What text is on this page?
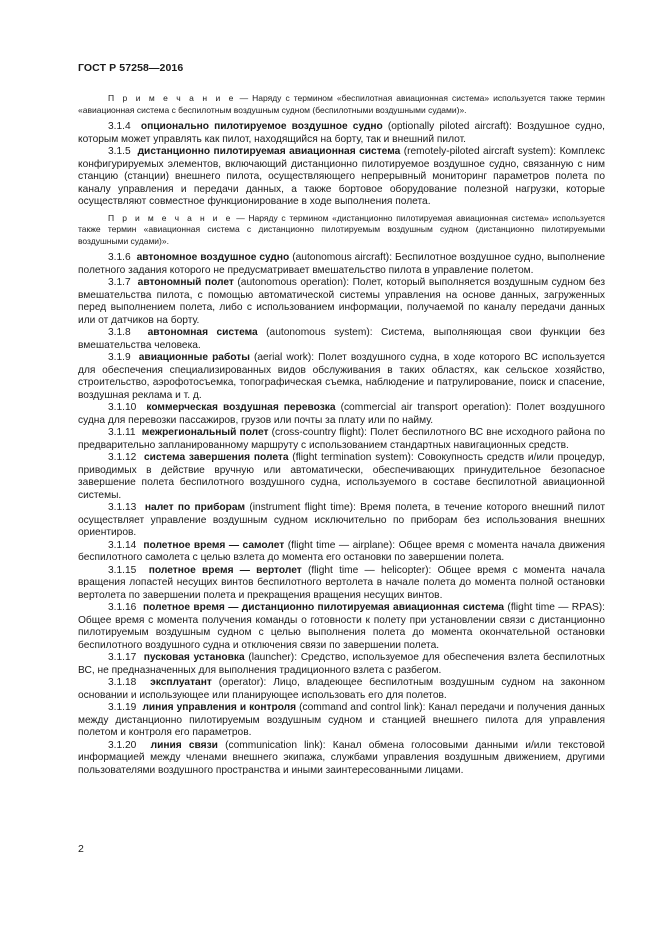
ГОСТ Р 57258—2016

П р и м е ч а н и е — Наряду с термином «беспилотная авиационная система» используется также термин «авиационная система с беспилотным воздушным судном (беспилотными воздушными судами)».

3.1.4 опционально пилотируемое воздушное судно (optionally piloted aircraft): Воздушное судно, которым может управлять как пилот, находящийся на борту, так и внешний пилот.

3.1.5 дистанционно пилотируемая авиационная система (remotely-piloted aircraft system): Комплекс конфигурируемых элементов, включающий дистанционно пилотируемое воздушное судно, связанную с ним станцию (станции) внешнего пилота, осуществляющего непрерывный мониторинг параметров полета по каналу управления и передачи данных, а также бортовое оборудование полезной нагрузки, которые осуществляют совместное функционирование в ходе выполнения полета.

П р и м е ч а н и е — Наряду с термином «дистанционно пилотируемая авиационная система» используется также термин «авиационная система с дистанционно пилотируемым воздушным судном (дистанционно пилотируемыми воздушными судами)».

3.1.6 автономное воздушное судно (autonomous aircraft): Беспилотное воздушное судно, выполнение полетного задания которого не предусматривает вмешательство пилота в управление полетом.

3.1.7 автономный полет (autonomous operation): Полет, который выполняется воздушным судном без вмешательства пилота, с помощью автоматической системы управления на основе данных, загруженных перед выполнением полета, либо с использованием информации, получаемой по каналу передачи данных или от датчиков на борту.

3.1.8 автономная система (autonomous system): Система, выполняющая свои функции без вмешательства человека.

3.1.9 авиационные работы (aerial work): Полет воздушного судна, в ходе которого ВС используется для обеспечения специализированных видов обслуживания в таких областях, как сельское хозяйство, строительство, аэрофотосъемка, топографическая съемка, наблюдение и патрулирование, поиск и спасение, воздушная реклама и т. д.

3.1.10 коммерческая воздушная перевозка (commercial air transport operation): Полет воздушного судна для перевозки пассажиров, грузов или почты за плату или по найму.

3.1.11 межрегиональный полет (cross-country flight): Полет беспилотного ВС вне исходного района по предварительно запланированному маршруту с использованием стандартных навигационных средств.

3.1.12 система завершения полета (flight termination system): Совокупность средств и/или процедур, приводимых в действие вручную или автоматически, обеспечивающих принудительное безопасное завершение полета беспилотного воздушного судна, используемого в составе беспилотной авиационной системы.

3.1.13 налет по приборам (instrument flight time): Время полета, в течение которого внешний пилот осуществляет управление воздушным судном исключительно по приборам без использования внешних ориентиров.

3.1.14 полетное время — самолет (flight time — airplane): Общее время с момента начала движения беспилотного самолета с целью взлета до момента его остановки по завершении полета.

3.1.15 полетное время — вертолет (flight time — helicopter): Общее время с момента начала вращения лопастей несущих винтов беспилотного вертолета в начале полета до момента полной остановки вертолета по завершении полета и прекращения вращения несущих винтов.

3.1.16 полетное время — дистанционно пилотируемая авиационная система (flight time — RPAS): Общее время с момента получения команды о готовности к полету при установлении связи с дистанционно пилотируемым воздушным судном с целью выполнения полета до момента окончательной остановки беспилотного воздушного судна и отключения связи по завершении полета.

3.1.17 пусковая установка (launcher): Средство, используемое для обеспечения взлета беспилотных ВС, не предназначенных для выполнения традиционного взлета с разбегом.

3.1.18 эксплуатант (operator): Лицо, владеющее беспилотным воздушным судном на законном основании и использующее или планирующее использовать его для полетов.

3.1.19 линия управления и контроля (command and control link): Канал передачи и получения данных между дистанционно пилотируемым воздушным судном и станцией внешнего пилота для управления полетом и контроля его параметров.

3.1.20 линия связи (communication link): Канал обмена голосовыми данными и/или текстовой информацией между членами внешнего экипажа, службами управления воздушным движением, другими пользователями воздушного пространства и иными заинтересованными лицами.

2
